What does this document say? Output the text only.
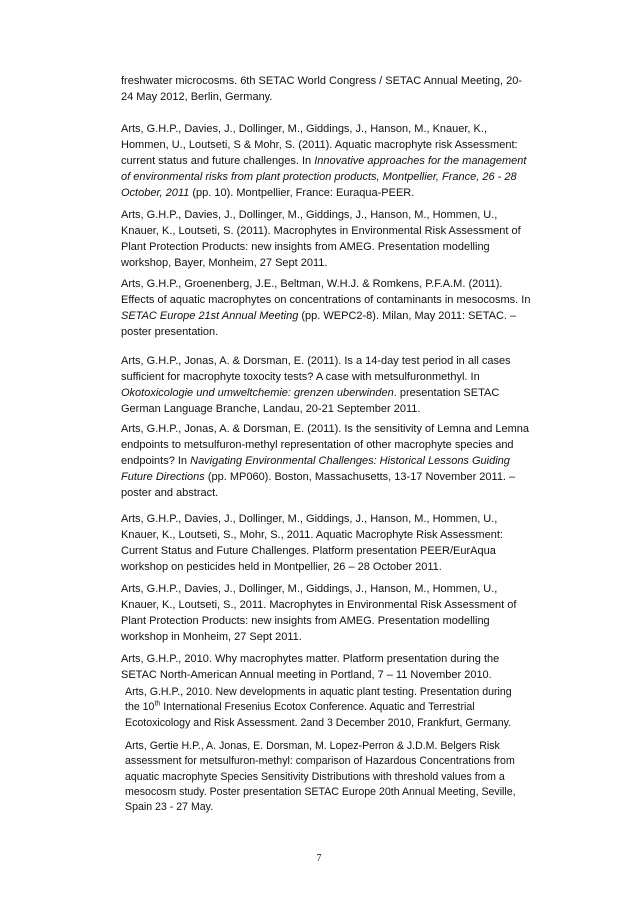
freshwater microcosms. 6th SETAC World Congress / SETAC Annual Meeting, 20-24 May 2012, Berlin, Germany.

Arts, G.H.P., Davies, J., Dollinger, M., Giddings, J., Hanson, M., Knauer, K., Hommen, U., Loutseti, S & Mohr, S. (2011). Aquatic macrophyte risk Assessment: current status and future challenges. In Innovative approaches for the management of environmental risks from plant protection products, Montpellier, France, 26 - 28 October, 2011 (pp. 10). Montpellier, France: Euraqua-PEER.

Arts, G.H.P., Davies, J., Dollinger, M., Giddings, J., Hanson, M., Hommen, U., Knauer, K., Loutseti, S. (2011). Macrophytes in Environmental Risk Assessment of Plant Protection Products: new insights from AMEG. Presentation modelling workshop, Bayer, Monheim, 27 Sept 2011.

Arts, G.H.P., Groenenberg, J.E., Beltman, W.H.J. & Romkens, P.F.A.M. (2011). Effects of aquatic macrophytes on concentrations of contaminants in mesocosms. In SETAC Europe 21st Annual Meeting (pp. WEPC2-8). Milan, May 2011: SETAC. –poster presentation.

Arts, G.H.P., Jonas, A. & Dorsman, E. (2011). Is a 14-day test period in all cases sufficient for macrophyte toxocity tests? A case with metsulfuronmethyl. In Okotoxicologie und umweltchemie: grenzen uberwinden. presentation SETAC German Language Branche, Landau, 20-21 September 2011.

Arts, G.H.P., Jonas, A. & Dorsman, E. (2011). Is the sensitivity of Lemna and Lemna endpoints to metsulfuron-methyl representation of other macrophyte species and endpoints? In Navigating Environmental Challenges: Historical Lessons Guiding Future Directions (pp. MP060). Boston, Massachusetts, 13-17 November 2011. – poster and abstract.

Arts, G.H.P., Davies, J., Dollinger, M., Giddings, J., Hanson, M., Hommen, U., Knauer, K., Loutseti, S., Mohr, S., 2011. Aquatic Macrophyte Risk Assessment: Current Status and Future Challenges. Platform presentation PEER/EurAqua workshop on pesticides held in Montpellier, 26 – 28 October 2011.

Arts, G.H.P., Davies, J., Dollinger, M., Giddings, J., Hanson, M., Hommen, U., Knauer, K., Loutseti, S., 2011. Macrophytes in Environmental Risk Assessment of Plant Protection Products: new insights from AMEG. Presentation modelling workshop in Monheim, 27 Sept 2011.

Arts, G.H.P., 2010. Why macrophytes matter. Platform presentation during the SETAC North-American Annual meeting in Portland, 7 – 11 November 2010.

Arts, G.H.P., 2010. New developments in aquatic plant testing. Presentation during the 10th International Fresenius Ecotox Conference. Aquatic and Terrestrial Ecotoxicology and Risk Assessment. 2and 3 December 2010, Frankfurt, Germany.

Arts, Gertie H.P., A. Jonas, E. Dorsman, M. Lopez-Perron & J.D.M. Belgers Risk assessment for metsulfuron-methyl: comparison of Hazardous Concentrations from aquatic macrophyte Species Sensitivity Distributions with threshold values from a mesocosm study. Poster presentation SETAC Europe 20th Annual Meeting, Seville, Spain 23 - 27 May.

7
